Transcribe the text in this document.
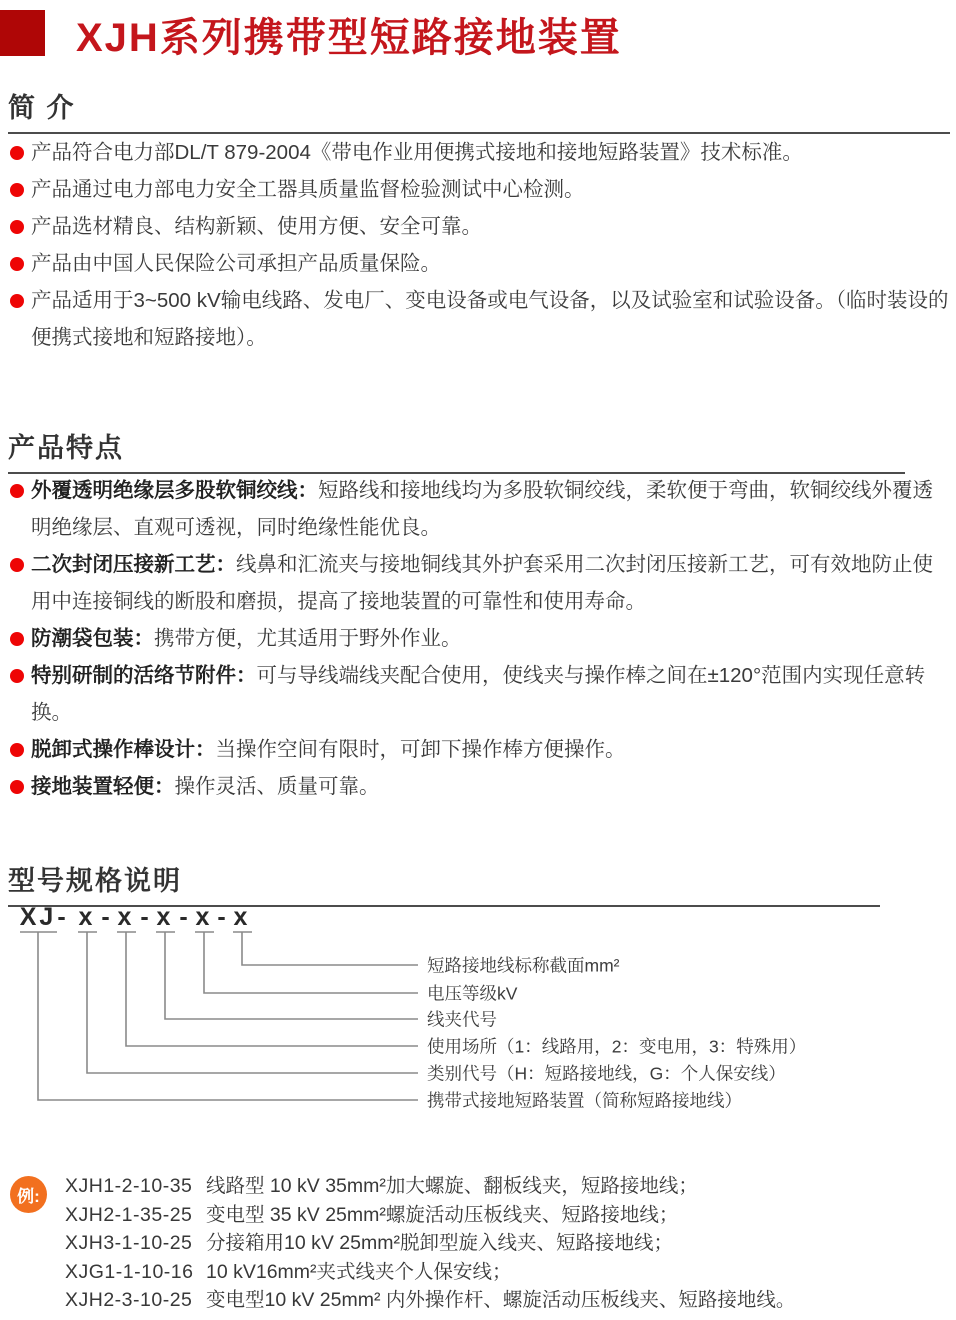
XJH系列携带型短路接地装置
简 介
产品符合电力部DL/T 879-2004《带电作业用便携式接地和接地短路装置》技术标准。
产品通过电力部电力安全工器具质量监督检验测试中心检测。
产品选材精良、结构新颖、使用方便、安全可靠。
产品由中国人民保险公司承担产品质量保险。
产品适用于3~500 kV输电线路、发电厂、变电设备或电气设备，以及试验室和试验设备。（临时装设的便携式接地和短路接地）。
产品特点
外覆透明绝缘层多股软铜绞线：短路线和接地线均为多股软铜绞线，柔软便于弯曲，软铜绞线外覆透明绝缘层、直观可透视，同时绝缘性能优良。
二次封闭压接新工艺：线鼻和汇流夹与接地铜线其外护套采用二次封闭压接新工艺，可有效地防止使用中连接铜线的断股和磨损，提高了接地装置的可靠性和使用寿命。
防潮袋包装：携带方便，尤其适用于野外作业。
特别研制的活络节附件：可与导线端线夹配合使用，使线夹与操作棒之间在±120°范围内实现任意转换。
脱卸式操作棒设计：当操作空间有限时，可卸下操作棒方便操作。
接地装置轻便：操作灵活、质量可靠。
型号规格说明
XJ - x - x - x - x - x
短路接地线标称截面mm²
电压等级kV
线夹代号
使用场所（1：线路用，2：变电用，3：特殊用）
类别代号（H：短路接地线，G：个人保安线）
携带式接地短路装置（简称短路接地线）
例:	XJH1-2-10-35 线路型 10 kV 35mm²加大螺旋、翻板线夹，短路接地线；
XJH2-1-35-25 变电型 35 kV 25mm²螺旋活动压板线夹、短路接地线；
XJH3-1-10-25 分接箱用10 kV 25mm²脱卸型旋入线夹、短路接地线；
XJG1-1-10-16 10 kV16mm²夹式线夹个人保安线；
XJH2-3-10-25 变电型10 kV 25mm² 内外操作杆、螺旋活动压板线夹、短路接地线。
